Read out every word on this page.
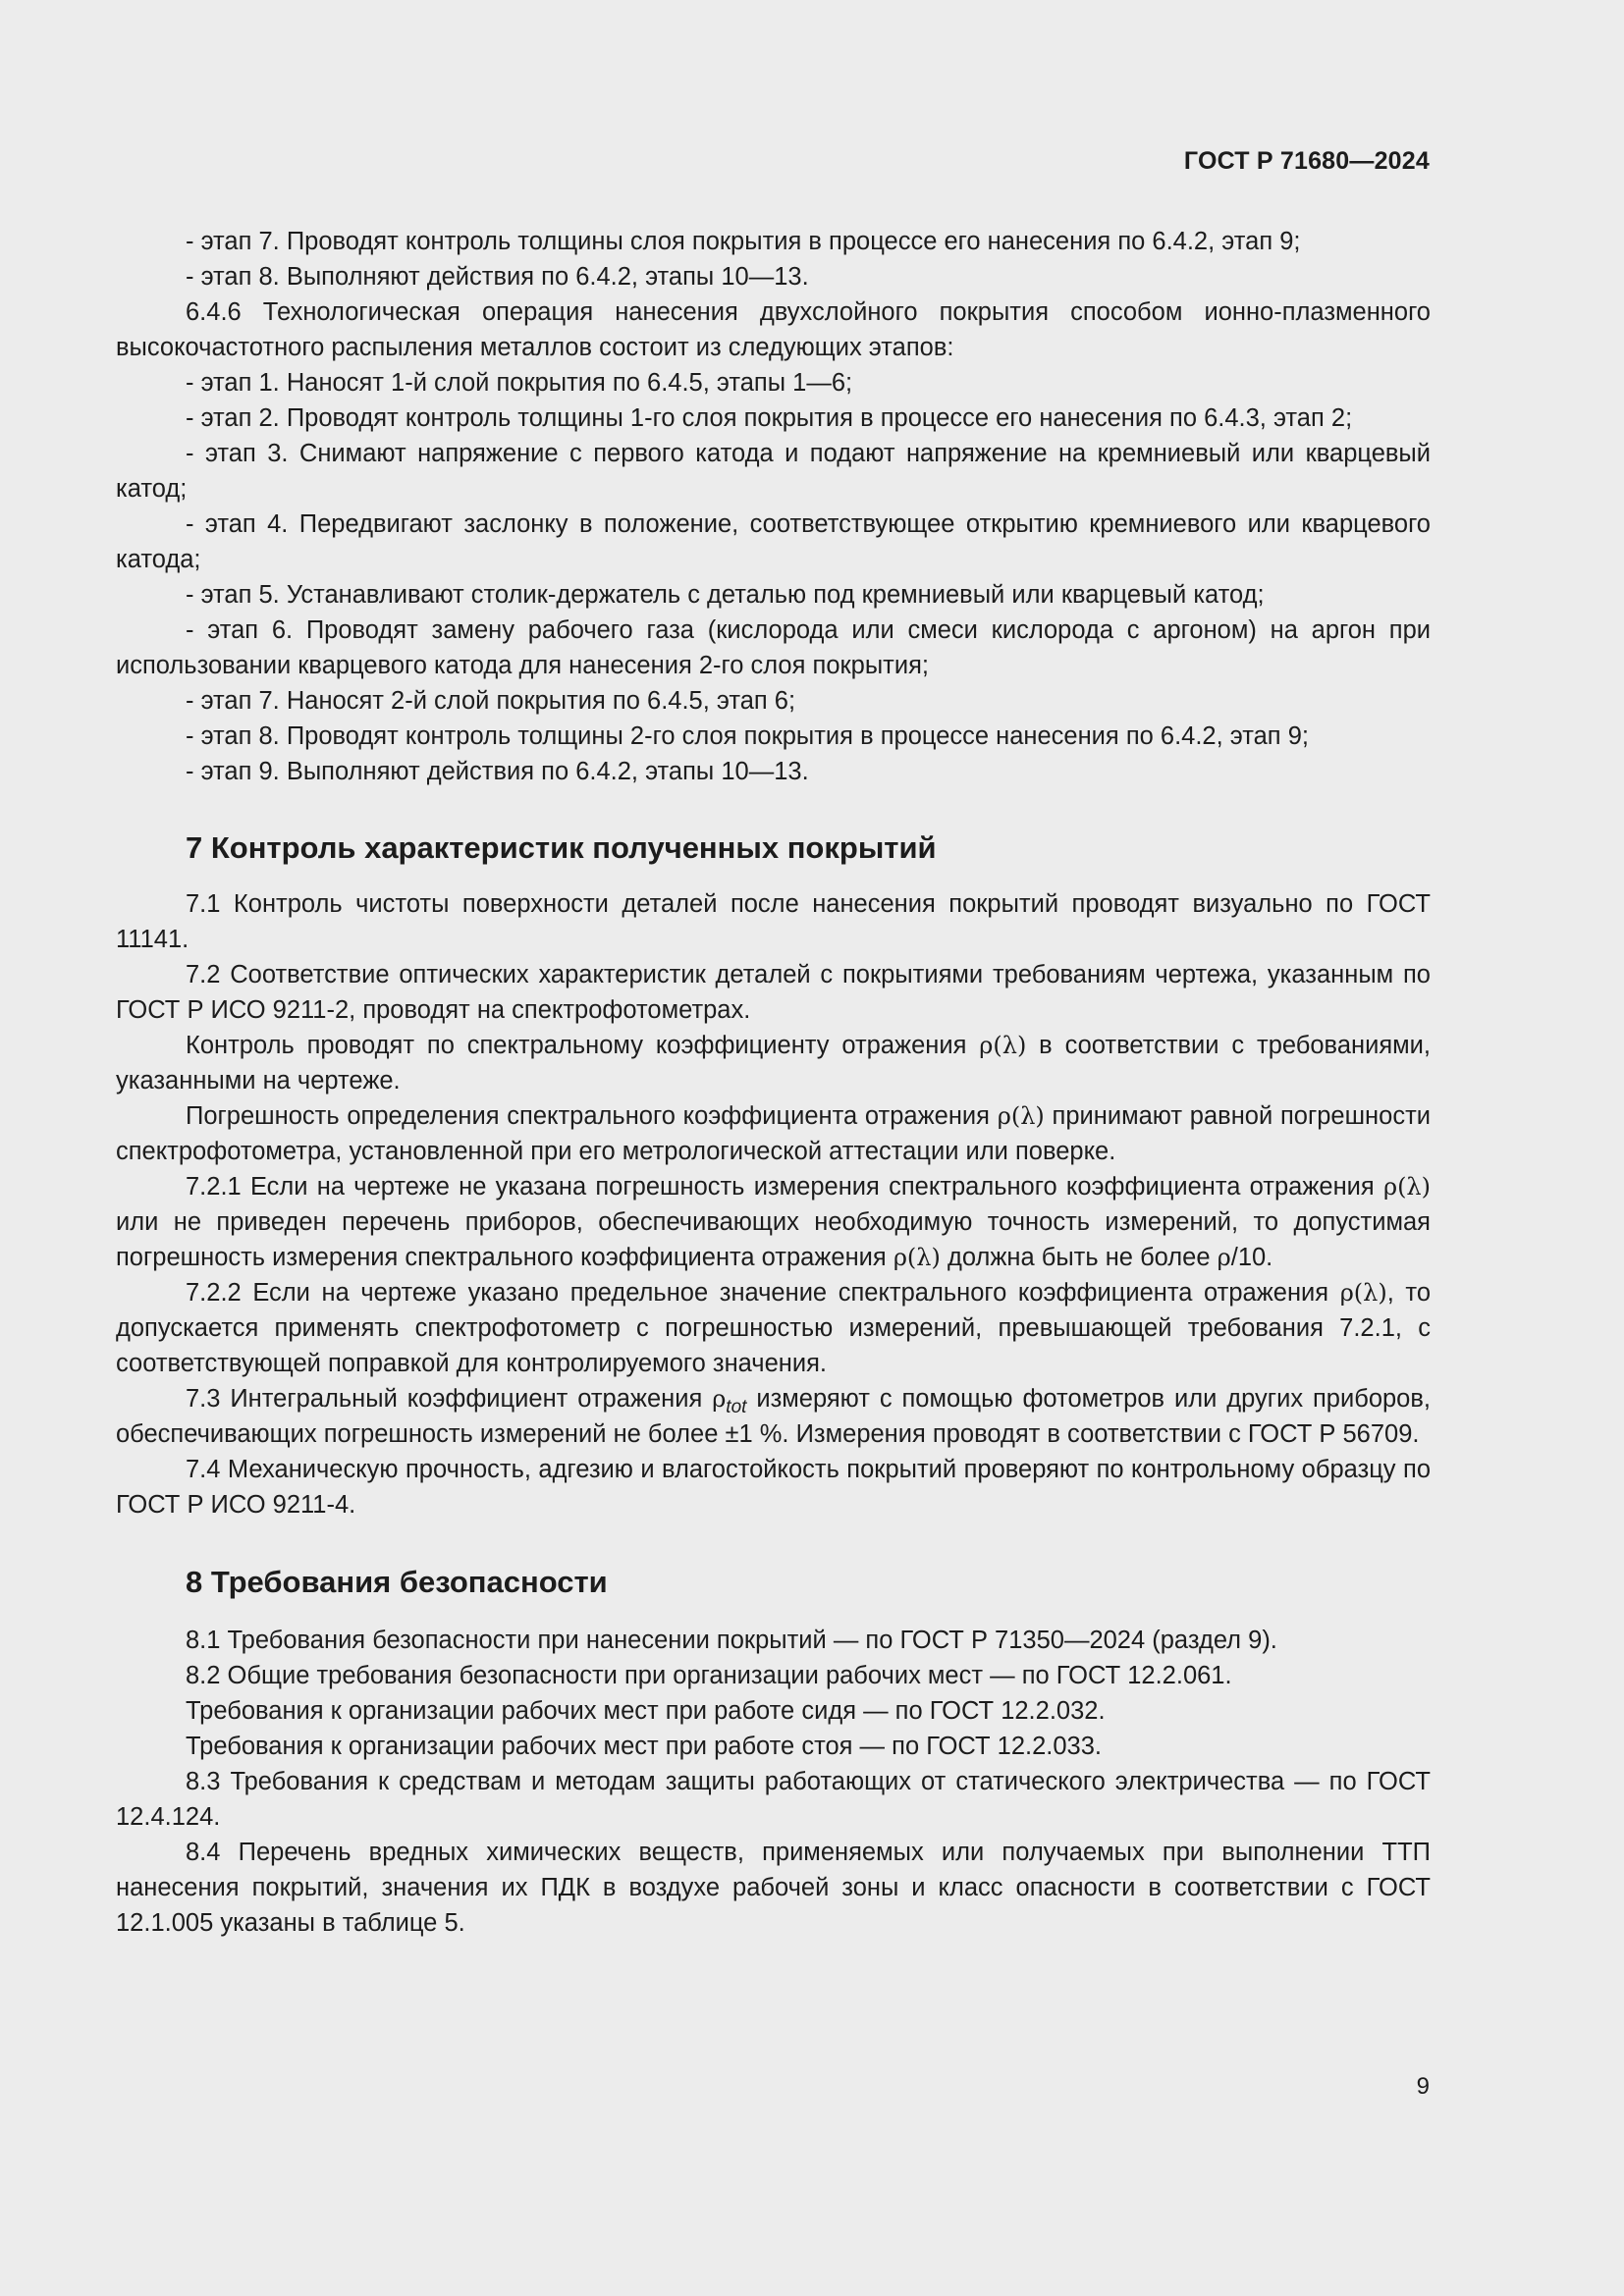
ГОСТ Р 71680—2024

- этап 7. Проводят контроль толщины слоя покрытия в процессе его нанесения по 6.4.2, этап 9;

- этап 8. Выполняют действия по 6.4.2, этапы 10—13.

6.4.6 Технологическая операция нанесения двухслойного покрытия способом ионно-плазменного высокочастотного распыления металлов состоит из следующих этапов:

- этап 1. Наносят 1-й слой покрытия по 6.4.5, этапы 1—6;

- этап 2. Проводят контроль толщины 1-го слоя покрытия в процессе его нанесения по 6.4.3, этап 2;

- этап 3. Снимают напряжение с первого катода и подают напряжение на кремниевый или кварцевый катод;

- этап 4. Передвигают заслонку в положение, соответствующее открытию кремниевого или кварцевого катода;

- этап 5. Устанавливают столик-держатель с деталью под кремниевый или кварцевый катод;

- этап 6. Проводят замену рабочего газа (кислорода или смеси кислорода с аргоном) на аргон при использовании кварцевого катода для нанесения 2-го слоя покрытия;

- этап 7. Наносят 2-й слой покрытия по 6.4.5, этап 6;

- этап 8. Проводят контроль толщины 2-го слоя покрытия в процессе нанесения по 6.4.2, этап 9;

- этап 9. Выполняют действия по 6.4.2, этапы 10—13.

7 Контроль характеристик полученных покрытий

7.1 Контроль чистоты поверхности деталей после нанесения покрытий проводят визуально по ГОСТ 11141.

7.2 Соответствие оптических характеристик деталей с покрытиями требованиям чертежа, указанным по ГОСТ Р ИСО 9211-2, проводят на спектрофотометрах.

Контроль проводят по спектральному коэффициенту отражения ρ(λ) в соответствии с требованиями, указанными на чертеже.

Погрешность определения спектрального коэффициента отражения ρ(λ) принимают равной погрешности спектрофотометра, установленной при его метрологической аттестации или поверке.

7.2.1 Если на чертеже не указана погрешность измерения спектрального коэффициента отражения ρ(λ) или не приведен перечень приборов, обеспечивающих необходимую точность измерений, то допустимая погрешность измерения спектрального коэффициента отражения ρ(λ) должна быть не более ρ/10.

7.2.2 Если на чертеже указано предельное значение спектрального коэффициента отражения ρ(λ), то допускается применять спектрофотометр с погрешностью измерений, превышающей требования 7.2.1, с соответствующей поправкой для контролируемого значения.

7.3 Интегральный коэффициент отражения $\rho_{tot}$ измеряют с помощью фотометров или других приборов, обеспечивающих погрешность измерений не более ±1 %. Измерения проводят в соответствии с ГОСТ Р 56709.

7.4 Механическую прочность, адгезию и влагостойкость покрытий проверяют по контрольному образцу по ГОСТ Р ИСО 9211-4.

8 Требования безопасности

8.1 Требования безопасности при нанесении покрытий — по ГОСТ Р 71350—2024 (раздел 9).

8.2 Общие требования безопасности при организации рабочих мест — по ГОСТ 12.2.061.

Требования к организации рабочих мест при работе сидя — по ГОСТ 12.2.032.

Требования к организации рабочих мест при работе стоя — по ГОСТ 12.2.033.

8.3 Требования к средствам и методам защиты работающих от статического электричества — по ГОСТ 12.4.124.

8.4 Перечень вредных химических веществ, применяемых или получаемых при выполнении ТТП нанесения покрытий, значения их ПДК в воздухе рабочей зоны и класс опасности в соответствии с ГОСТ 12.1.005 указаны в таблице 5.

9
